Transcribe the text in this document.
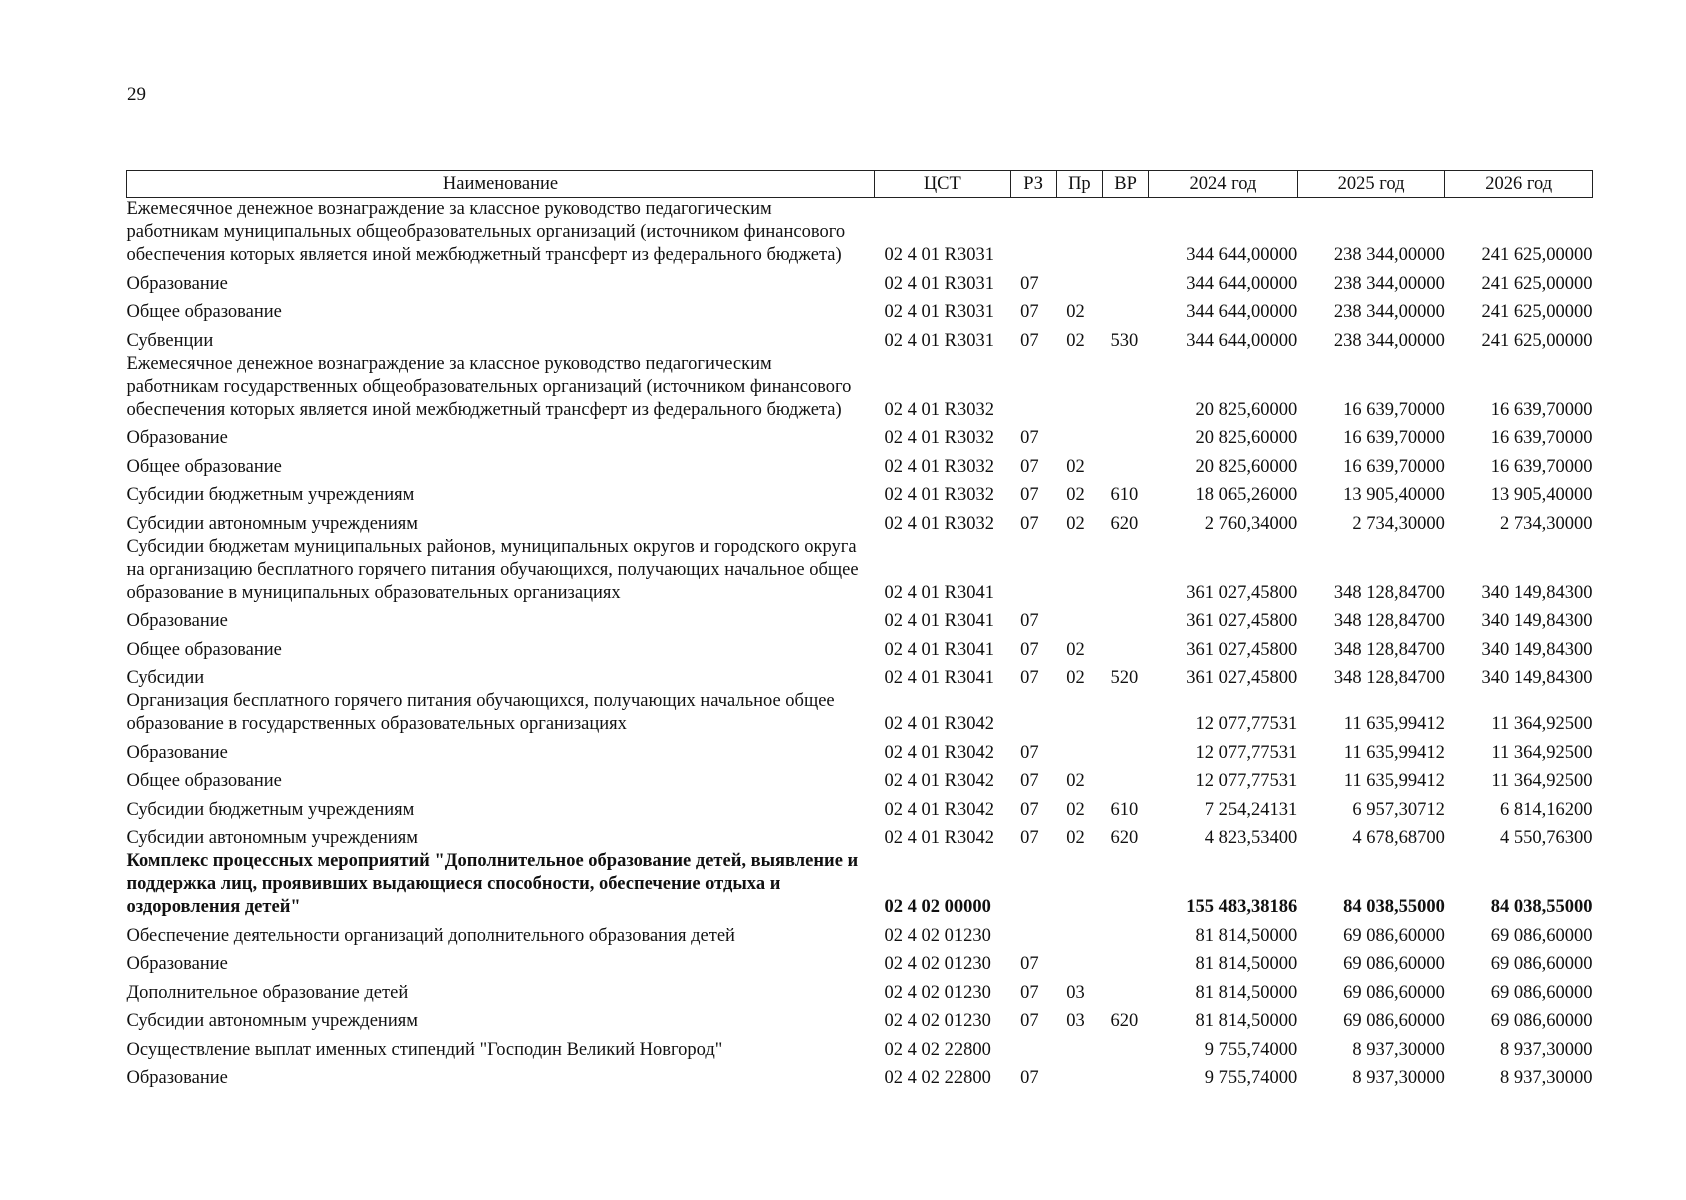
29
Наименование	ЦСТ	РЗ	Пр	ВР	2024 год	2025 год	2026 год
Ежемесячное денежное вознаграждение за классное руководство педагогическим работникам муниципальных общеобразовательных организаций (источником финансового обеспечения которых является иной межбюджетный трансферт из федерального бюджета)	02 4 01 R3031				344 644,00000	238 344,00000	241 625,00000
Образование	02 4 01 R3031	07			344 644,00000	238 344,00000	241 625,00000
Общее образование	02 4 01 R3031	07	02		344 644,00000	238 344,00000	241 625,00000
Субвенции	02 4 01 R3031	07	02	530	344 644,00000	238 344,00000	241 625,00000
Ежемесячное денежное вознаграждение за классное руководство педагогическим работникам государственных общеобразовательных организаций (источником финансового обеспечения которых является иной межбюджетный трансферт из федерального бюджета)	02 4 01 R3032				20 825,60000	16 639,70000	16 639,70000
Образование	02 4 01 R3032	07			20 825,60000	16 639,70000	16 639,70000
Общее образование	02 4 01 R3032	07	02		20 825,60000	16 639,70000	16 639,70000
Субсидии бюджетным учреждениям	02 4 01 R3032	07	02	610	18 065,26000	13 905,40000	13 905,40000
Субсидии автономным учреждениям	02 4 01 R3032	07	02	620	2 760,34000	2 734,30000	2 734,30000
Субсидии бюджетам муниципальных районов, муниципальных округов и городского округа на организацию бесплатного горячего питания обучающихся, получающих начальное общее образование в муниципальных образовательных организациях	02 4 01 R3041				361 027,45800	348 128,84700	340 149,84300
Образование	02 4 01 R3041	07			361 027,45800	348 128,84700	340 149,84300
Общее образование	02 4 01 R3041	07	02		361 027,45800	348 128,84700	340 149,84300
Субсидии	02 4 01 R3041	07	02	520	361 027,45800	348 128,84700	340 149,84300
Организация бесплатного горячего питания обучающихся, получающих начальное общее образование в государственных образовательных организациях	02 4 01 R3042				12 077,77531	11 635,99412	11 364,92500
Образование	02 4 01 R3042	07			12 077,77531	11 635,99412	11 364,92500
Общее образование	02 4 01 R3042	07	02		12 077,77531	11 635,99412	11 364,92500
Субсидии бюджетным учреждениям	02 4 01 R3042	07	02	610	7 254,24131	6 957,30712	6 814,16200
Субсидии автономным учреждениям	02 4 01 R3042	07	02	620	4 823,53400	4 678,68700	4 550,76300
Комплекс процессных мероприятий "Дополнительное образование детей, выявление и поддержка лиц, проявивших выдающиеся способности, обеспечение отдыха и оздоровления детей"	02 4 02 00000				155 483,38186	84 038,55000	84 038,55000
Обеспечение деятельности организаций дополнительного образования детей	02 4 02 01230				81 814,50000	69 086,60000	69 086,60000
Образование	02 4 02 01230	07			81 814,50000	69 086,60000	69 086,60000
Дополнительное образование детей	02 4 02 01230	07	03		81 814,50000	69 086,60000	69 086,60000
Субсидии автономным учреждениям	02 4 02 01230	07	03	620	81 814,50000	69 086,60000	69 086,60000
Осуществление выплат именных стипендий "Господин Великий Новгород"	02 4 02 22800				9 755,74000	8 937,30000	8 937,30000
Образование	02 4 02 22800	07			9 755,74000	8 937,30000	8 937,30000
